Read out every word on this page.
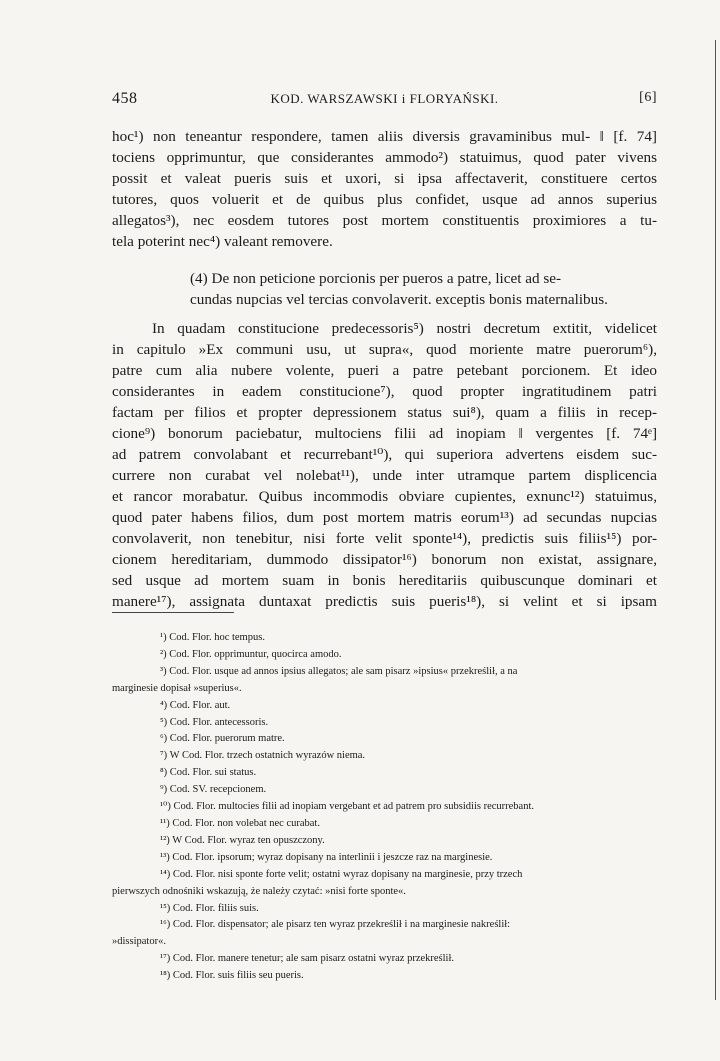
458	KOD. WARSZAWSKI i FLORYAŃSKI.	[6]

hoc¹) non teneantur respondere, tamen aliis diversis gravaminibus mul- ‖ [f. 74]
tociens opprimuntur, que considerantes ammodo²) statuimus, quod pater vivens
possit et valeat pueris suis et uxori, si ipsa affectaverit, constituere certos
tutores, quos voluerit et de quibus plus confidet, usque ad annos superius
allegatos³), nec eosdem tutores post mortem constituentis proximiores a tu-
tela poterint nec⁴) valeant removere.

(4) De non peticione porcionis per pueros a patre, licet ad se-
cundas nupcias vel tercias convolaverit. exceptis bonis maternalibus.

In quadam constitucione predecessoris⁵) nostri decretum extitit, videlicet
in capitulo »Ex communi usu, ut supra«, quod moriente matre puerorum⁶),
patre cum alia nubere volente, pueri a patre petebant porcionem. Et ideo
considerantes in eadem constitucione⁷), quod propter ingratitudinem patri
factam per filios et propter depressionem status sui⁸), quam a filiis in recep-
cione⁹) bonorum paciebatur, multociens filii ad inopiam ‖ vergentes [f. 74ᵉ]
ad patrem convolabant et recurrebant¹⁰), qui superiora advertens eisdem suc-
currere non curabat vel nolebat¹¹), unde inter utramque partem displicencia
et rancor morabatur. Quibus incommodis obviare cupientes, exnunc¹²) statuimus,
quod pater habens filios, dum post mortem matris eorum¹³) ad secundas nupcias
convolaverit, non tenebitur, nisi forte velit sponte¹⁴), predictis suis filiis¹⁵) por-
cionem hereditariam, dummodo dissipator¹⁶) bonorum non existat, assignare,
sed usque ad mortem suam in bonis hereditariis quibuscunque dominari et
manere¹⁷), assignata duntaxat predictis suis pueris¹⁸), si velint et si ipsam

¹) Cod. Flor. hoc tempus.
²) Cod. Flor. opprimuntur, quocirca amodo.
³) Cod. Flor. usque ad annos ipsius allegatos; ale sam pisarz »ipsius« przekreślił, a na
marginesie dopisał »superius«.
⁴) Cod. Flor. aut.
⁵) Cod. Flor. antecessoris.
⁶) Cod. Flor. puerorum matre.
⁷) W Cod. Flor. trzech ostatnich wyrazów niema.
⁸) Cod. Flor. sui status.
⁹) Cod. SV. recepcionem.
¹⁰) Cod. Flor. multocies filii ad inopiam vergebant et ad patrem pro subsidiis recurrebant.
¹¹) Cod. Flor. non volebat nec curabat.
¹²) W Cod. Flor. wyraz ten opuszczony.
¹³) Cod. Flor. ipsorum; wyraz dopisany na interlinii i jeszcze raz na marginesie.
¹⁴) Cod. Flor. nisi sponte forte velit; ostatni wyraz dopisany na marginesie, przy trzech
pierwszych odnośniki wskazują, że należy czytać: »nisi forte sponte«.
¹⁵) Cod. Flor. filiis suis.
¹⁶) Cod. Flor. dispensator; ale pisarz ten wyraz przekreślił i na marginesie nakreślił:
»dissipator«.
¹⁷) Cod. Flor. manere tenetur; ale sam pisarz ostatni wyraz przekreślił.
¹⁸) Cod. Flor. suis filiis seu pueris.
